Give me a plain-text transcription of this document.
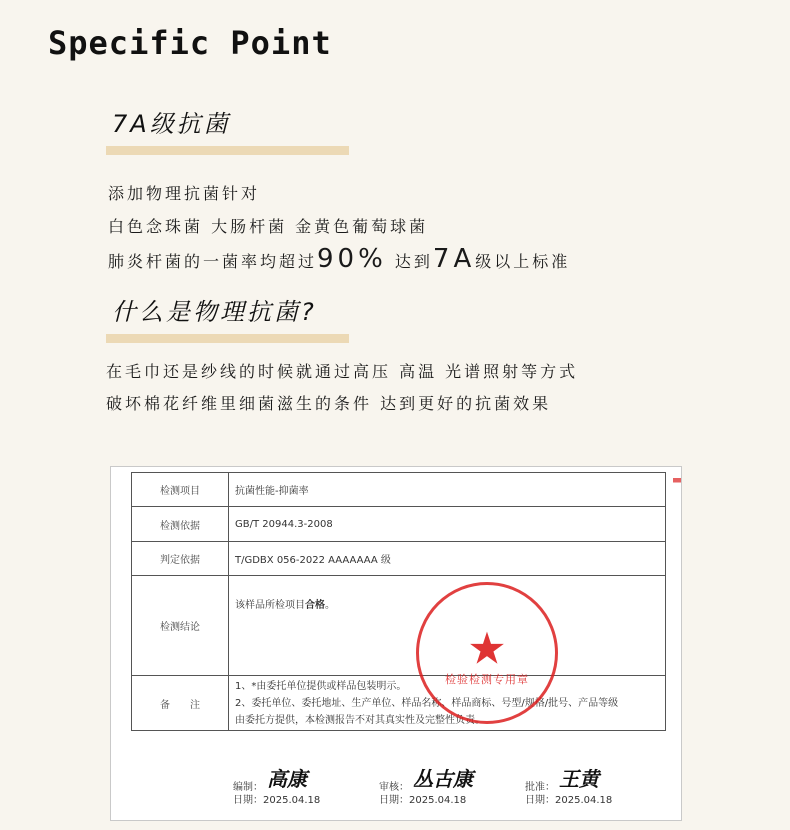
Specific Point
7A级抗菌
添加物理抗菌针对
白色念珠菌 大肠杆菌 金黄色葡萄球菌
肺炎杆菌的一菌率均超过90% 达到7A级以上标准
什么是物理抗菌?
在毛巾还是纱线的时候就通过高压 高温 光谱照射等方式
破坏棉花纤维里细菌滋生的条件 达到更好的抗菌效果
检测项目	抗菌性能-抑菌率
检测依据	GB/T 20944.3-2008
判定依据	T/GDBX 056-2022 AAAAAAA 级
检测结论	该样品所检项目合格。
备　　注	1、*由委托单位提供或样品包装明示。
2、委托单位、委托地址、生产单位、样品名称、样品商标、号型/规格/批号、产品等级
由委托方提供，本检测报告不对其真实性及完整性负责。
★
检验检测专用章
编制： 高康	审核： 丛古康	批准： 王黄
日期：2025.04.18	日期：2025.04.18	日期：2025.04.18
